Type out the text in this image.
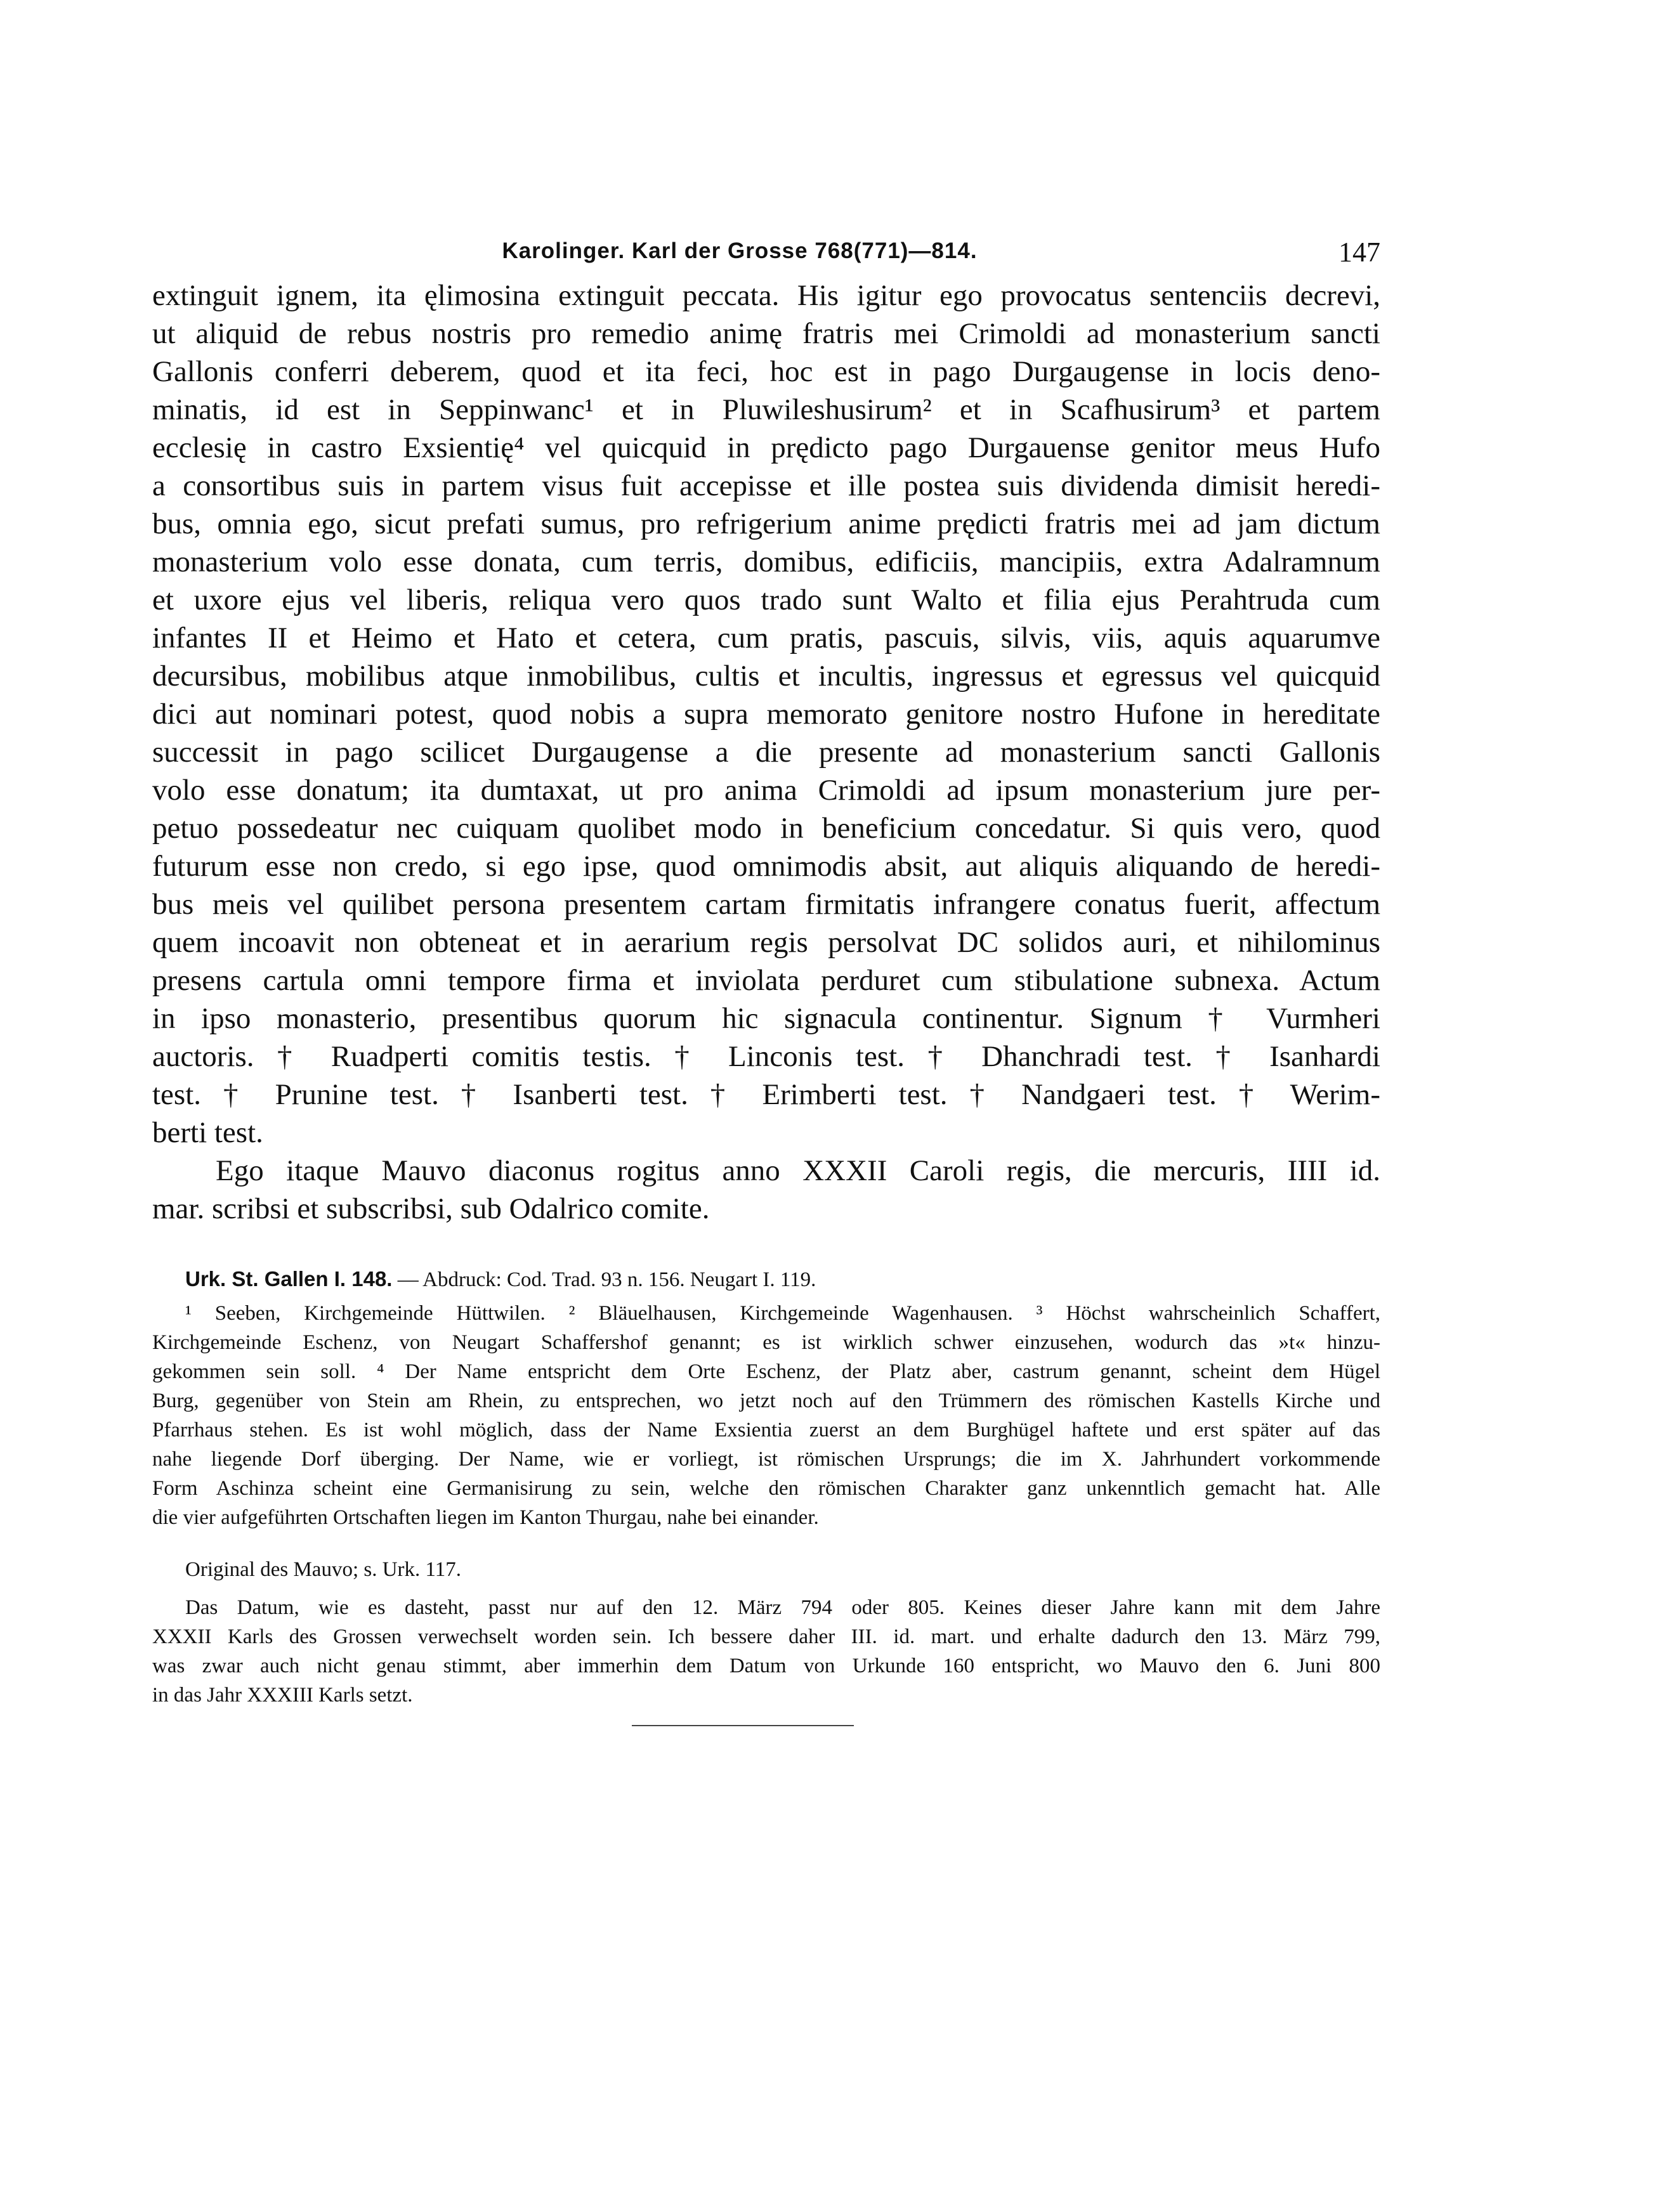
Karolinger. Karl der Grosse 768(771)—814.	147
extinguit ignem, ita ęlimosina extinguit peccata. His igitur ego provocatus sentenciis decrevi,
ut aliquid de rebus nostris pro remedio animę fratris mei Crimoldi ad monasterium sancti
Gallonis conferri deberem, quod et ita feci, hoc est in pago Durgaugense in locis deno-
minatis, id est in Seppinwanc¹ et in Pluwileshusirum² et in Scafhusirum³ et partem
ecclesię in castro Exsientię⁴ vel quicquid in prędicto pago Durgauense genitor meus Hufo
a consortibus suis in partem visus fuit accepisse et ille postea suis dividenda dimisit heredi-
bus, omnia ego, sicut prefati sumus, pro refrigerium anime prędicti fratris mei ad jam dictum
monasterium volo esse donata, cum terris, domibus, edificiis, mancipiis, extra Adalramnum
et uxore ejus vel liberis, reliqua vero quos trado sunt Walto et filia ejus Perahtruda cum
infantes II et Heimo et Hato et cetera, cum pratis, pascuis, silvis, viis, aquis aquarumve
decursibus, mobilibus atque inmobilibus, cultis et incultis, ingressus et egressus vel quicquid
dici aut nominari potest, quod nobis a supra memorato genitore nostro Hufone in hereditate
successit in pago scilicet Durgaugense a die presente ad monasterium sancti Gallonis
volo esse donatum; ita dumtaxat, ut pro anima Crimoldi ad ipsum monasterium jure per-
petuo possedeatur nec cuiquam quolibet modo in beneficium concedatur. Si quis vero, quod
futurum esse non credo, si ego ipse, quod omnimodis absit, aut aliquis aliquando de heredi-
bus meis vel quilibet persona presentem cartam firmitatis infrangere conatus fuerit, affectum
quem incoavit non obteneat et in aerarium regis persolvat DC solidos auri, et nihilominus
presens cartula omni tempore firma et inviolata perduret cum stibulatione subnexa. Actum
in ipso monasterio, presentibus quorum hic signacula continentur. Signum † Vurmheri
auctoris. † Ruadperti comitis testis. † Linconis test. † Dhanchradi test. † Isanhardi
test. † Prunine test. † Isanberti test. † Erimberti test. † Nandgaeri test. † Werim-
berti test.
Ego itaque Mauvo diaconus rogitus anno XXXII Caroli regis, die mercuris, IIII id.
mar. scribsi et subscribsi, sub Odalrico comite.
Urk. St. Gallen I. 148. — Abdruck: Cod. Trad. 93 n. 156. Neugart I. 119.
¹ Seeben, Kirchgemeinde Hüttwilen. ² Bläuelhausen, Kirchgemeinde Wagenhausen. ³ Höchst wahrscheinlich Schaffert,
Kirchgemeinde Eschenz, von Neugart Schaffershof genannt; es ist wirklich schwer einzusehen, wodurch das »t« hinzu-
gekommen sein soll. ⁴ Der Name entspricht dem Orte Eschenz, der Platz aber, castrum genannt, scheint dem Hügel
Burg, gegenüber von Stein am Rhein, zu entsprechen, wo jetzt noch auf den Trümmern des römischen Kastells Kirche und
Pfarrhaus stehen. Es ist wohl möglich, dass der Name Exsientia zuerst an dem Burghügel haftete und erst später auf das
nahe liegende Dorf überging. Der Name, wie er vorliegt, ist römischen Ursprungs; die im X. Jahrhundert vorkommende
Form Aschinza scheint eine Germanisirung zu sein, welche den römischen Charakter ganz unkenntlich gemacht hat. Alle
die vier aufgeführten Ortschaften liegen im Kanton Thurgau, nahe bei einander.
Original des Mauvo; s. Urk. 117.
Das Datum, wie es dasteht, passt nur auf den 12. März 794 oder 805. Keines dieser Jahre kann mit dem Jahre
XXXII Karls des Grossen verwechselt worden sein. Ich bessere daher III. id. mart. und erhalte dadurch den 13. März 799,
was zwar auch nicht genau stimmt, aber immerhin dem Datum von Urkunde 160 entspricht, wo Mauvo den 6. Juni 800
in das Jahr XXXIII Karls setzt.
